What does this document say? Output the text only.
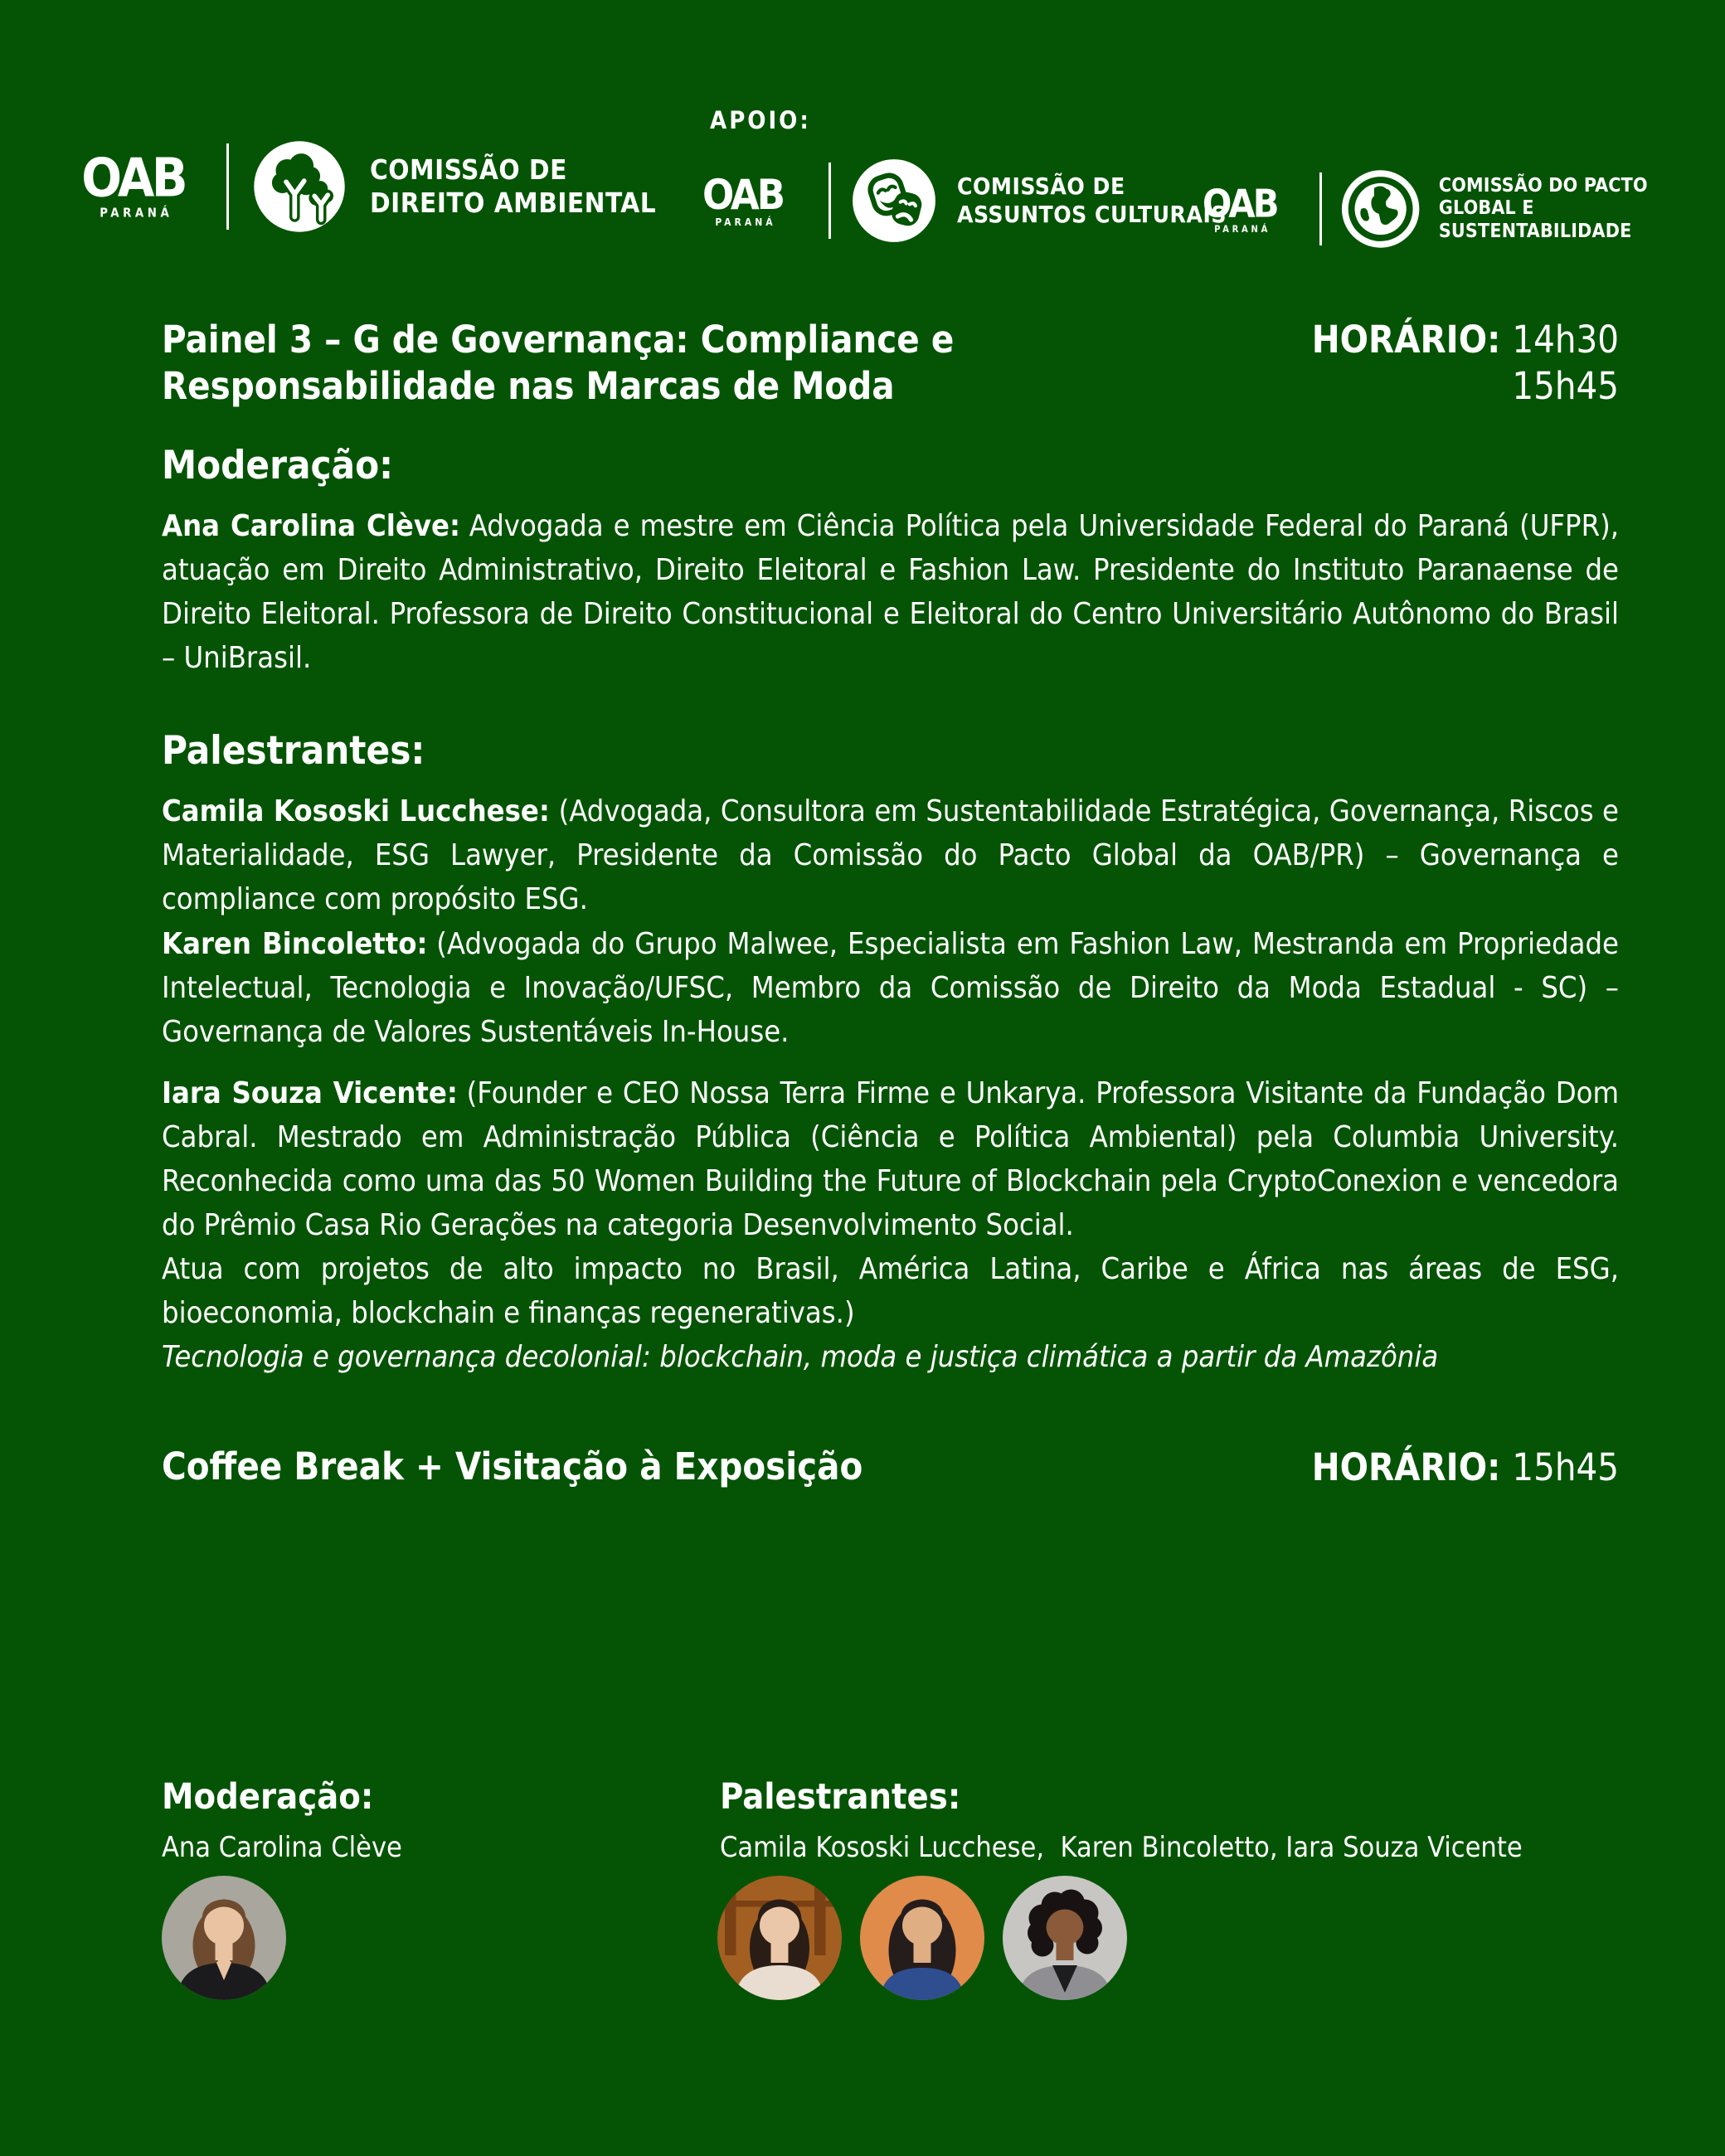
APOIO:
OAB
PARANÁ
COMISSÃO DE
DIREITO AMBIENTAL OAB
PARANÁ
COMISSÃO DE
ASSUNTOS CULTURAIS
OAB
PARANÁ
COMISSÃO DO PACTO
GLOBAL E SUSTENTABILIDADE
Painel 3 – G de Governança: Compliance e
Responsabilidade nas Marcas de Moda
HORÁRIO: 14h30
15h45
Moderação:

Ana Carolina Clève: Advogada e mestre em Ciência Política pela Universidade Federal do Paraná (UFPR), atuação em Direito Administrativo, Direito Eleitoral e Fashion Law. Presidente do Instituto Paranaense de Direito Eleitoral. Professora de Direito Constitucional e Eleitoral do Centro Universitário Autônomo do Brasil – UniBrasil.

Palestrantes:

Camila Kososki Lucchese: (Advogada, Consultora em Sustentabilidade Estratégica, Governança, Riscos e Materialidade, ESG Lawyer, Presidente da Comissão do Pacto Global da OAB/PR) – Governança e compliance com propósito ESG.

Karen Bincoletto: (Advogada do Grupo Malwee, Especialista em Fashion Law, Mestranda em Propriedade Intelectual, Tecnologia e Inovação/UFSC, Membro da Comissão de Direito da Moda Estadual - SC) – Governança de Valores Sustentáveis In-House.

Iara Souza Vicente: (Founder e CEO Nossa Terra Firme e Unkarya. Professora Visitante da Fundação Dom Cabral. Mestrado em Administração Pública (Ciência e Política Ambiental) pela Columbia University. Reconhecida como uma das 50 Women Building the Future of Blockchain pela CryptoConexion e vencedora do Prêmio Casa Rio Gerações na categoria Desenvolvimento Social.

Atua com projetos de alto impacto no Brasil, América Latina, Caribe e África nas áreas de ESG, bioeconomia, blockchain e finanças regenerativas.)

Tecnologia e governança decolonial: blockchain, moda e justiça climática a partir da Amazônia

Coffee Break + Visitação à Exposição	HORÁRIO: 15h45
Moderação:
Ana Carolina Clève
Palestrantes:
Camila Kososki Lucchese,  Karen Bincoletto, Iara Souza Vicente
